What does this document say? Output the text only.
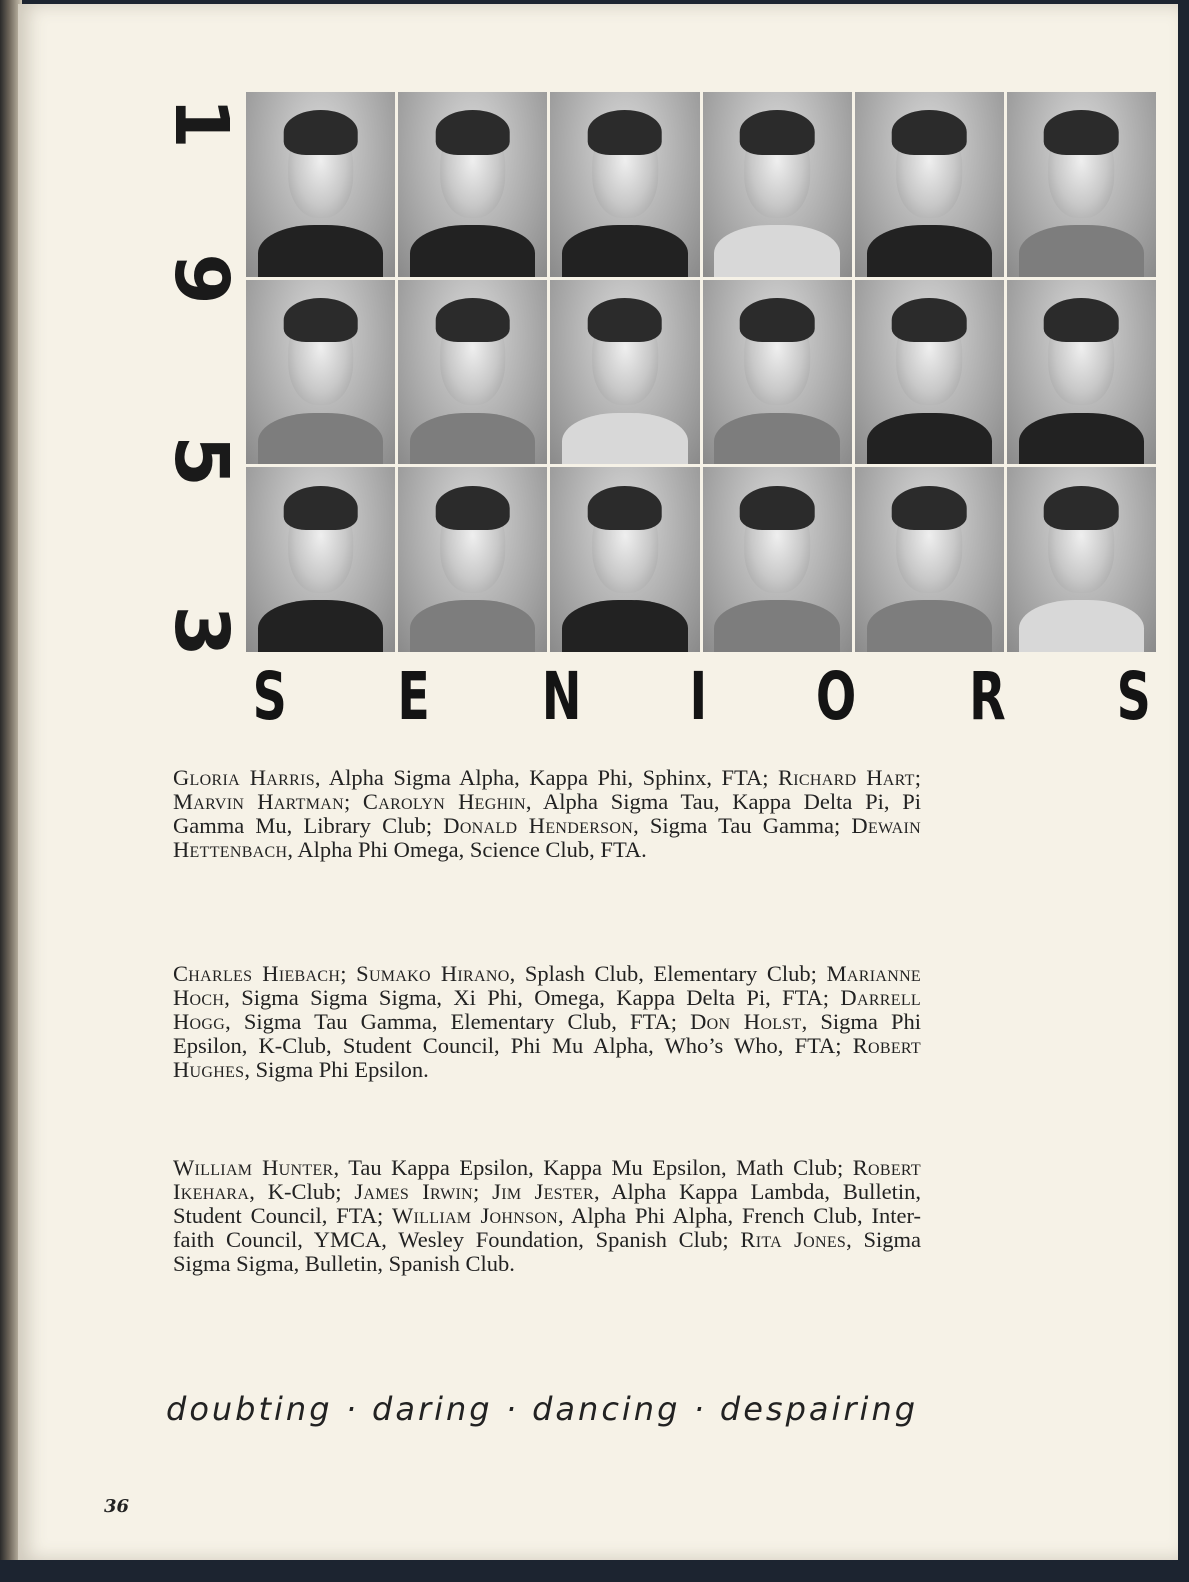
1
9
5
3
S E N I O R S

Gloria Harris, Alpha Sigma Alpha, Kappa Phi, Sphinx, FTA; Richard Hart; Marvin Hartman; Carolyn Heghin, Alpha Sigma Tau, Kappa Delta Pi, Pi Gamma Mu, Library Club; Donald Henderson, Sigma Tau Gamma; Dewain Hettenbach, Alpha Phi Omega, Science Club, FTA.

Charles Hiebach; Sumako Hirano, Splash Club, Elementary Club; Marianne Hoch, Sigma Sigma Sigma, Xi Phi, Omega, Kappa Delta Pi, FTA; Darrell Hogg, Sigma Tau Gamma, Elementary Club, FTA; Don Holst, Sigma Phi Epsilon, K-Club, Student Council, Phi Mu Alpha, Who’s Who, FTA; Robert Hughes, Sigma Phi Epsilon.

William Hunter, Tau Kappa Epsilon, Kappa Mu Epsilon, Math Club; Robert Ikehara, K-Club; James Irwin; Jim Jester, Alpha Kappa Lambda, Bulletin, Student Council, FTA; William Johnson, Alpha Phi Alpha, French Club, Inter-faith Council, YMCA, Wesley Foundation, Spanish Club; Rita Jones, Sigma Sigma Sigma, Bulletin, Spanish Club.

doubting · daring · dancing · despairing
36
